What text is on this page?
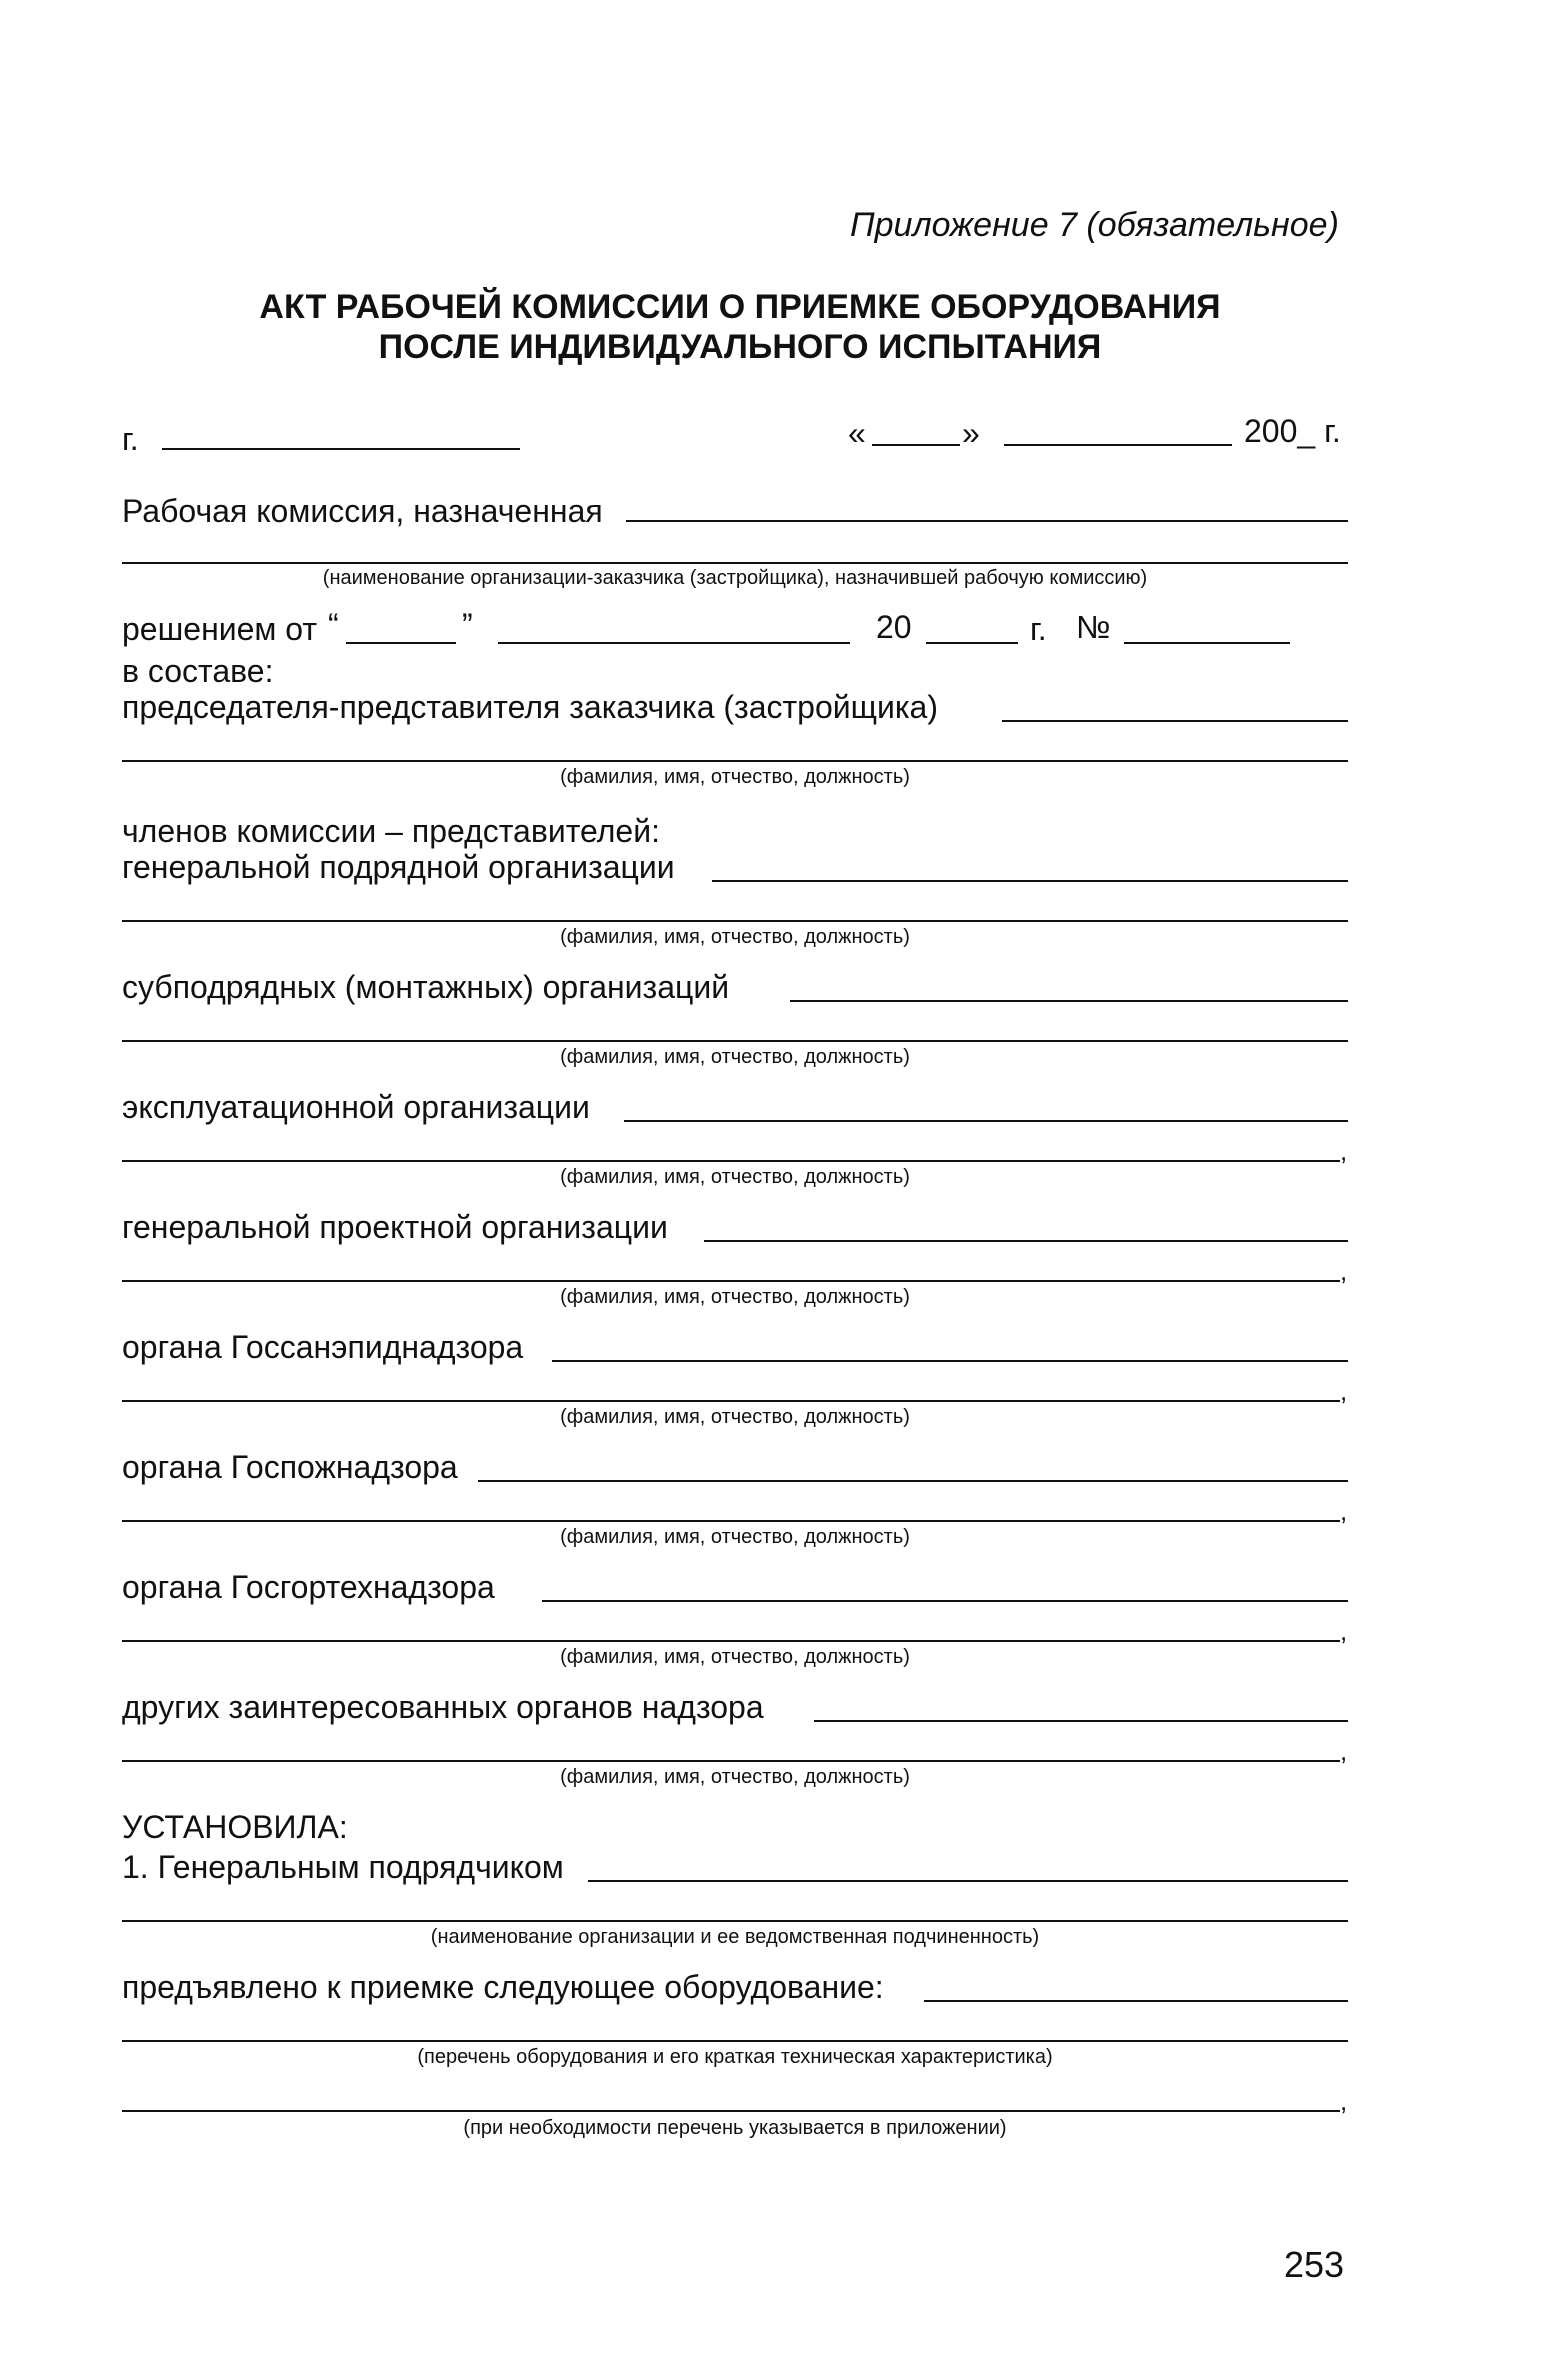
Приложение 7 (обязательное)
АКТ РАБОЧЕЙ КОМИССИИ О ПРИЕМКЕ ОБОРУДОВАНИЯ
ПОСЛЕ ИНДИВИДУАЛЬНОГО ИСПЫТАНИЯ
г.	«	»	200_ г.
Рабочая комиссия, назначенная
(наименование организации-заказчика (застройщика), назначившей рабочую комиссию)
решением от “	”	20	г. №
в составе:
председателя-представителя заказчика (застройщика)
(фамилия, имя, отчество, должность)
членов комиссии – представителей:
генеральной подрядной организации
(фамилия, имя, отчество, должность)
субподрядных (монтажных) организаций
(фамилия, имя, отчество, должность)
эксплуатационной организации
,
(фамилия, имя, отчество, должность)
генеральной проектной организации
,
(фамилия, имя, отчество, должность)
органа Госсанэпиднадзора
,
(фамилия, имя, отчество, должность)
органа Госпожнадзора
,
(фамилия, имя, отчество, должность)
органа Госгортехнадзора
,
(фамилия, имя, отчество, должность)
других заинтересованных органов надзора
,
(фамилия, имя, отчество, должность)
УСТАНОВИЛА:
1. Генеральным подрядчиком
(наименование организации и ее ведомственная подчиненность)
предъявлено к приемке следующее оборудование:
(перечень оборудования и его краткая техническая характеристика)
,
(при необходимости перечень указывается в приложении)
253
